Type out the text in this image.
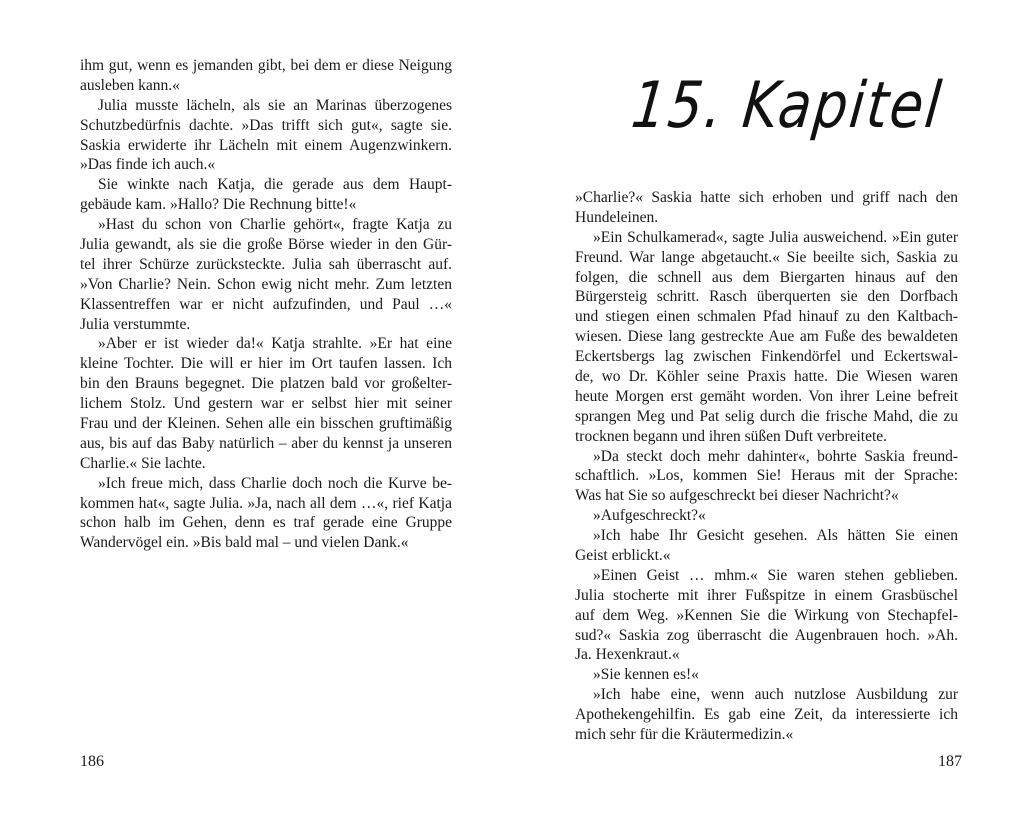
ihm gut, wenn es jemanden gibt, bei dem er diese Neigung
ausleben kann.«
Julia musste lächeln, als sie an Marinas überzogenes
Schutzbedürfnis dachte. »Das trifft sich gut«, sagte sie.
Saskia erwiderte ihr Lächeln mit einem Augenzwinkern.
»Das finde ich auch.«
Sie winkte nach Katja, die gerade aus dem Haupt-
gebäude kam. »Hallo? Die Rechnung bitte!«
»Hast du schon von Charlie gehört«, fragte Katja zu
Julia gewandt, als sie die große Börse wieder in den Gür-
tel ihrer Schürze zurücksteckte. Julia sah überrascht auf.
»Von Charlie? Nein. Schon ewig nicht mehr. Zum letzten
Klassentreffen war er nicht aufzufinden, und Paul …«
Julia verstummte.
»Aber er ist wieder da!« Katja strahlte. »Er hat eine
kleine Tochter. Die will er hier im Ort taufen lassen. Ich
bin den Brauns begegnet. Die platzen bald vor großelter-
lichem Stolz. Und gestern war er selbst hier mit seiner
Frau und der Kleinen. Sehen alle ein bisschen gruftimäßig
aus, bis auf das Baby natürlich – aber du kennst ja unseren
Charlie.« Sie lachte.
»Ich freue mich, dass Charlie doch noch die Kurve be-
kommen hat«, sagte Julia. »Ja, nach all dem …«, rief Katja
schon halb im Gehen, denn es traf gerade eine Gruppe
Wandervögel ein. »Bis bald mal – und vielen Dank.«
186
15. Kapitel
»Charlie?« Saskia hatte sich erhoben und griff nach den
Hundeleinen.
»Ein Schulkamerad«, sagte Julia ausweichend. »Ein guter
Freund. War lange abgetaucht.« Sie beeilte sich, Saskia zu
folgen, die schnell aus dem Biergarten hinaus auf den
Bürgersteig schritt. Rasch überquerten sie den Dorfbach
und stiegen einen schmalen Pfad hinauf zu den Kaltbach-
wiesen. Diese lang gestreckte Aue am Fuße des bewaldeten
Eckertsbergs lag zwischen Finkendörfel und Eckertswal-
de, wo Dr. Köhler seine Praxis hatte. Die Wiesen waren
heute Morgen erst gemäht worden. Von ihrer Leine befreit
sprangen Meg und Pat selig durch die frische Mahd, die zu
trocknen begann und ihren süßen Duft verbreitete.
»Da steckt doch mehr dahinter«, bohrte Saskia freund-
schaftlich. »Los, kommen Sie! Heraus mit der Sprache:
Was hat Sie so aufgeschreckt bei dieser Nachricht?«
»Aufgeschreckt?«
»Ich habe Ihr Gesicht gesehen. Als hätten Sie einen
Geist erblickt.«
»Einen Geist … mhm.« Sie waren stehen geblieben.
Julia stocherte mit ihrer Fußspitze in einem Grasbüschel
auf dem Weg. »Kennen Sie die Wirkung von Stechapfel-
sud?« Saskia zog überrascht die Augenbrauen hoch. »Ah.
Ja. Hexenkraut.«
»Sie kennen es!«
»Ich habe eine, wenn auch nutzlose Ausbildung zur
Apothekengehilfin. Es gab eine Zeit, da interessierte ich
mich sehr für die Kräutermedizin.«
187
